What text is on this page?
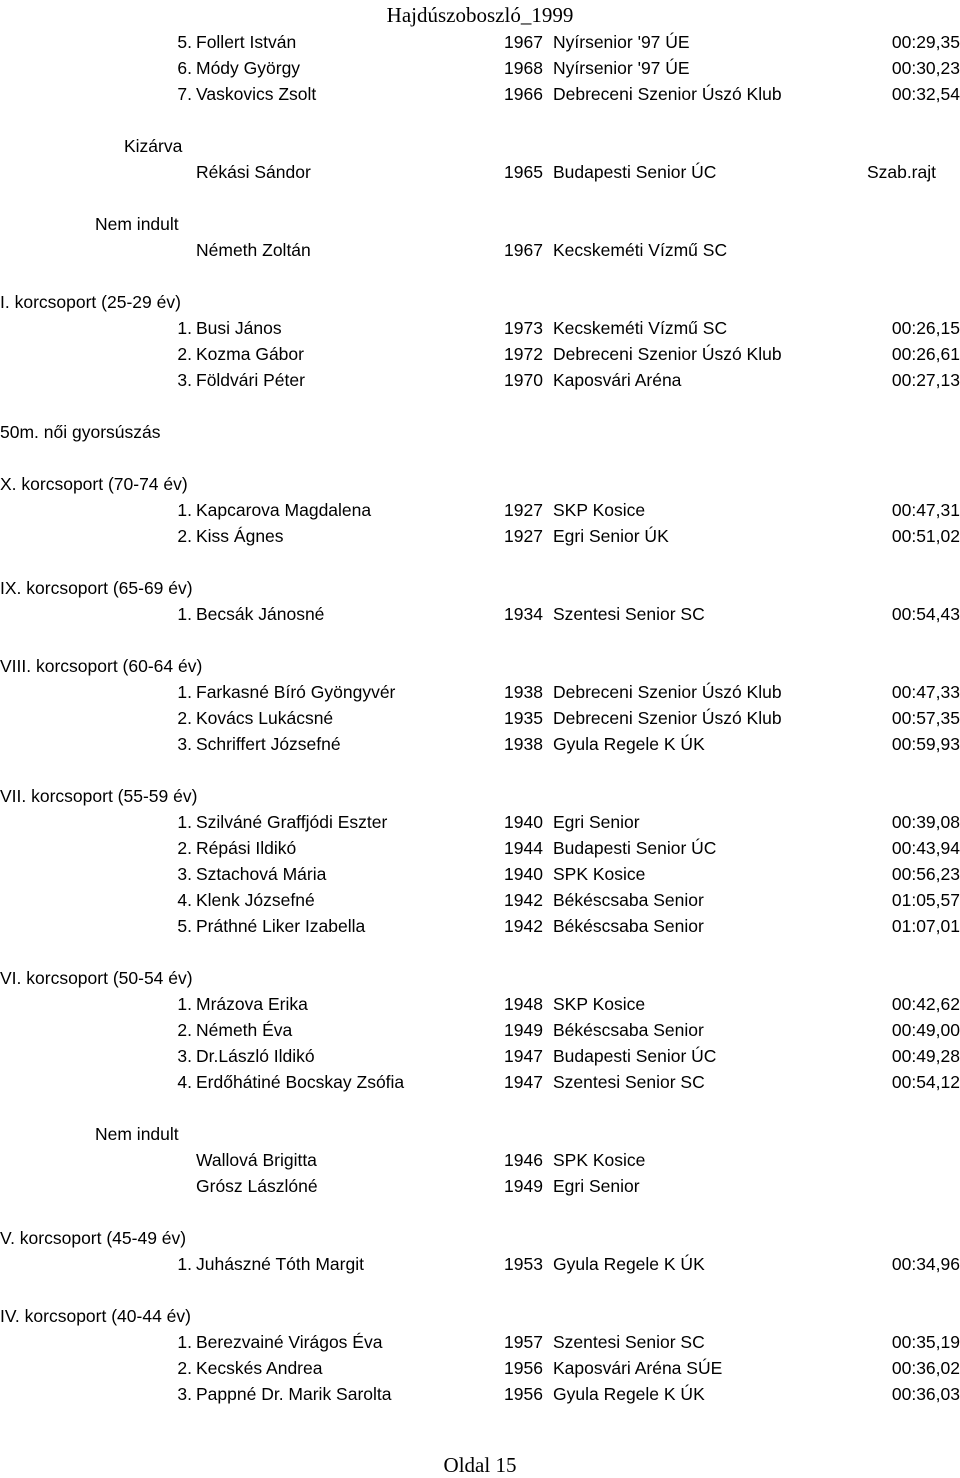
Hajdúszoboszló_1999
5. Follert István	1967 Nyírsenior '97 ÚE	00:29,35
6. Módy György	1968 Nyírsenior '97 ÚE	00:30,23
7. Vaskovics Zsolt	1966 Debreceni Szenior Úszó Klub	00:32,54
Kizárva
Rékási Sándor	1965 Budapesti Senior ÚC	Szab.rajt
Nem indult
Németh Zoltán	1967 Kecskeméti Vízmű SC
I. korcsoport (25-29 év)
1. Busi János	1973 Kecskeméti Vízmű SC	00:26,15
2. Kozma Gábor	1972 Debreceni Szenior Úszó Klub	00:26,61
3. Földvári Péter	1970 Kaposvári Aréna	00:27,13
50m. női gyorsúszás
X. korcsoport (70-74 év)
1. Kapcarova Magdalena	1927 SKP Kosice	00:47,31
2. Kiss Ágnes	1927 Egri Senior ÚK	00:51,02
IX. korcsoport (65-69 év)
1. Becsák Jánosné	1934 Szentesi Senior SC	00:54,43
VIII. korcsoport (60-64 év)
1. Farkasné Bíró Gyöngyvér	1938 Debreceni Szenior Úszó Klub	00:47,33
2. Kovács Lukácsné	1935 Debreceni Szenior Úszó Klub	00:57,35
3. Schriffert Józsefné	1938 Gyula Regele K ÚK	00:59,93
VII. korcsoport (55-59 év)
1. Szilváné Graffjódi Eszter	1940 Egri Senior	00:39,08
2. Répási Ildikó	1944 Budapesti Senior ÚC	00:43,94
3. Sztachová Mária	1940 SPK Kosice	00:56,23
4. Klenk Józsefné	1942 Békéscsaba Senior	01:05,57
5. Práthné Liker Izabella	1942 Békéscsaba Senior	01:07,01
VI. korcsoport (50-54 év)
1. Mrázova Erika	1948 SKP Kosice	00:42,62
2. Németh Éva	1949 Békéscsaba Senior	00:49,00
3. Dr.László Ildikó	1947 Budapesti Senior ÚC	00:49,28
4. Erdőhátiné Bocskay Zsófia	1947 Szentesi Senior SC	00:54,12
Nem indult
Wallová Brigitta	1946 SPK Kosice
Grósz Lászlóné	1949 Egri Senior
V. korcsoport (45-49 év)
1. Juhászné Tóth Margit	1953 Gyula Regele K ÚK	00:34,96
IV. korcsoport (40-44 év)
1. Berezvainé Virágos Éva	1957 Szentesi Senior SC	00:35,19
2. Kecskés Andrea	1956 Kaposvári Aréna SÚE	00:36,02
3. Pappné Dr. Marik Sarolta	1956 Gyula Regele K ÚK	00:36,03
Oldal 15
